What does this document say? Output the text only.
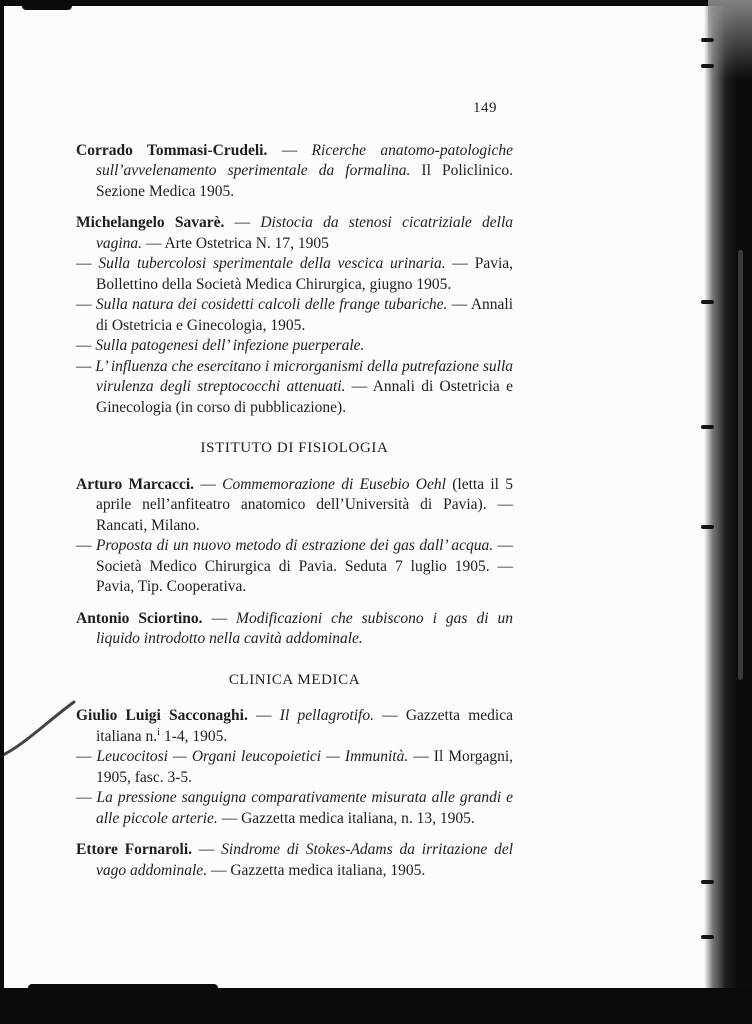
149

Corrado Tommasi-Crudeli. — Ricerche anatomo-patologiche sull’avvelenamento sperimentale da formalina. Il Policlinico. Sezione Medica 1905.

Michelangelo Savarè. — Distocia da stenosi cicatriziale della vagina. — Arte Ostetrica N. 17, 1905

— Sulla tubercolosi sperimentale della vescica urinaria. — Pavia, Bollettino della Società Medica Chirurgica, giugno 1905.

— Sulla natura dei cosidetti calcoli delle frange tubariche. — Annali di Ostetricia e Ginecologia, 1905.

— Sulla patogenesi dell’ infezione puerperale.

— L’ influenza che esercitano i microrganismi della putrefazione sulla virulenza degli streptococchi attenuati. — Annali di Ostetricia e Ginecologia (in corso di pubblicazione).

ISTITUTO DI FISIOLOGIA

Arturo Marcacci. — Commemorazione di Eusebio Oehl (letta il 5 aprile nell’anfiteatro anatomico dell’Università di Pavia). — Rancati, Milano.

— Proposta di un nuovo metodo di estrazione dei gas dall’ acqua. — Società Medico Chirurgica di Pavia. Seduta 7 luglio 1905. — Pavia, Tip. Cooperativa.

Antonio Sciortino. — Modificazioni che subiscono i gas di un liquido introdotto nella cavità addominale.

CLINICA MEDICA

Giulio Luigi Sacconaghi. — Il pellagrotifo. — Gazzetta medica italiana n.$^i$ 1-4, 1905.

— Leucocitosi — Organi leucopoietici — Immunità. — Il Morgagni, 1905, fasc. 3-5.

— La pressione sanguigna comparativamente misurata alle grandi e alle piccole arterie. — Gazzetta medica italiana, n. 13, 1905.

Ettore Fornaroli. — Sindrome di Stokes-Adams da irritazione del vago addominale. — Gazzetta medica italiana, 1905.
